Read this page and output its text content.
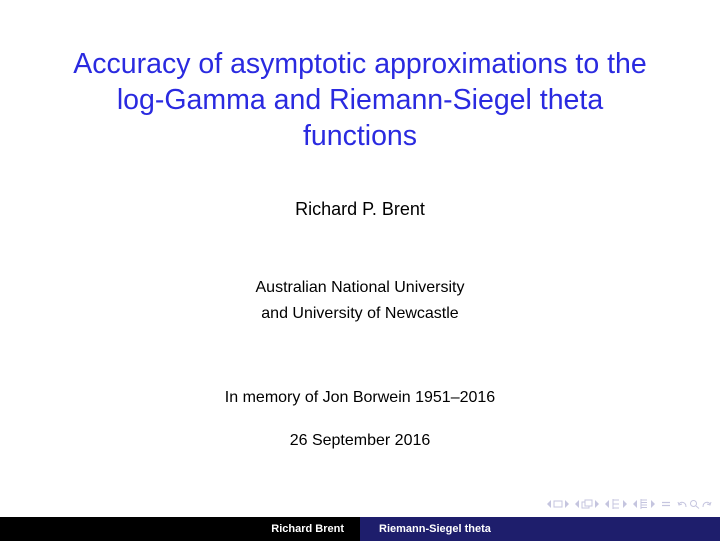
Accuracy of asymptotic approximations to the
log-Gamma and Riemann-Siegel theta
functions
Richard P. Brent
Australian National University
and University of Newcastle
In memory of Jon Borwein 1951–2016
26 September 2016
Richard Brent	Riemann-Siegel theta
